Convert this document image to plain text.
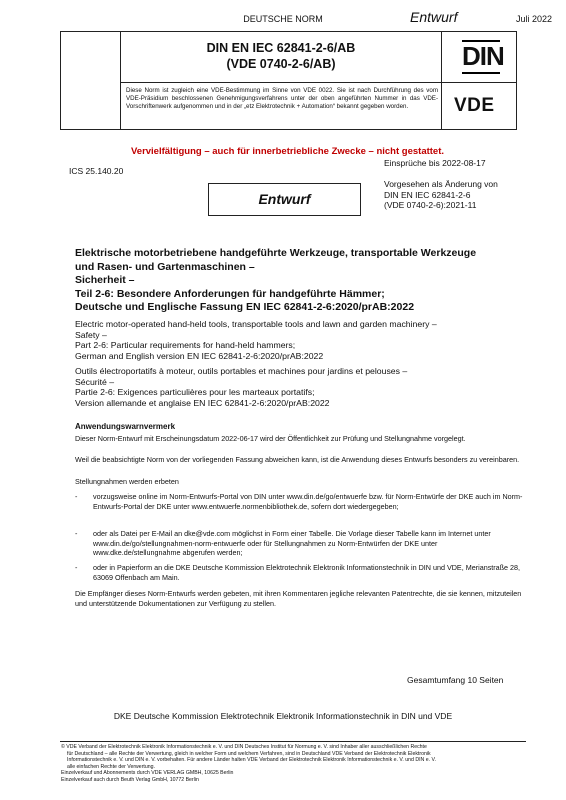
DEUTSCHE NORM	Entwurf	Juli 2022
DIN EN IEC 62841-2-6/AB
(VDE 0740-2-6/AB)
Diese Norm ist zugleich eine VDE-Bestimmung im Sinne von VDE 0022. Sie ist nach Durchführung des vom VDE-Präsidium beschlossenen Genehmigungsverfahrens unter der oben angeführten Nummer in das VDE-Vorschriftenwerk aufgenommen und in der „etz Elektrotechnik + Automation“ bekannt gegeben worden.
DIN
VDE
Vervielfältigung – auch für innerbetriebliche Zwecke – nicht gestattet.
ICS 25.140.20
Einsprüche bis 2022-08-17
Vorgesehen als Änderung von
DIN EN IEC 62841-2-6
(VDE 0740-2-6):2021-11
Entwurf
Elektrische motorbetriebene handgeführte Werkzeuge, transportable Werkzeuge
und Rasen- und Gartenmaschinen –
Sicherheit –
Teil 2-6: Besondere Anforderungen für handgeführte Hämmer;
Deutsche und Englische Fassung EN IEC 62841-2-6:2020/prAB:2022
Electric motor-operated hand-held tools, transportable tools and lawn and garden machinery –
Safety –
Part 2-6: Particular requirements for hand-held hammers;
German and English version EN IEC 62841-2-6:2020/prAB:2022
Outils électroportatifs à moteur, outils portables et machines pour jardins et pelouses –
Sécurité –
Partie 2-6: Exigences particulières pour les marteaux portatifs;
Version allemande et anglaise EN IEC 62841-2-6:2020/prAB:2022
Anwendungswarnvermerk
Dieser Norm-Entwurf mit Erscheinungsdatum 2022-06-17 wird der Öffentlichkeit zur Prüfung und Stellungnahme vorgelegt.
Weil die beabsichtigte Norm von der vorliegenden Fassung abweichen kann, ist die Anwendung dieses Entwurfs besonders zu vereinbaren.
Stellungnahmen werden erbeten
- vorzugsweise online im Norm-Entwurfs-Portal von DIN unter www.din.de/go/entwuerfe bzw. für Norm-Entwürfe der DKE auch im Norm-Entwurfs-Portal der DKE unter www.entwuerfe.normenbibliothek.de, sofern dort wiedergegeben;
- oder als Datei per E-Mail an dke@vde.com möglichst in Form einer Tabelle. Die Vorlage dieser Tabelle kann im Internet unter www.din.de/go/stellungnahmen-norm-entwuerfe oder für Stellungnahmen zu Norm-Entwürfen der DKE unter www.dke.de/stellungnahme abgerufen werden;
- oder in Papierform an die DKE Deutsche Kommission Elektrotechnik Elektronik Informationstechnik in DIN und VDE, Merianstraße 28, 63069 Offenbach am Main.
Die Empfänger dieses Norm-Entwurfs werden gebeten, mit ihren Kommentaren jegliche relevanten Patentrechte, die sie kennen, mitzuteilen und unterstützende Dokumentationen zur Verfügung zu stellen.
Gesamtumfang 10 Seiten
DKE Deutsche Kommission Elektrotechnik Elektronik Informationstechnik in DIN und VDE
© VDE Verband der Elektrotechnik Elektronik Informationstechnik e. V. und DIN Deutsches Institut für Normung e. V. sind Inhaber aller ausschließlichen Rechte
für Deutschland – alle Rechte der Verwertung, gleich in welcher Form und welchem Verfahren, sind in Deutschland VDE Verband der Elektrotechnik Elektronik
Informationstechnik e. V. und DIN e. V. vorbehalten. Für andere Länder halten VDE Verband der Elektrotechnik Elektronik Informationstechnik e. V. und DIN e. V.
alle einfachen Rechte der Verwertung.
Einzelverkauf und Abonnements durch VDE VERLAG GMBH, 10625 Berlin
Einzelverkauf auch durch Beuth Verlag GmbH, 10772 Berlin
